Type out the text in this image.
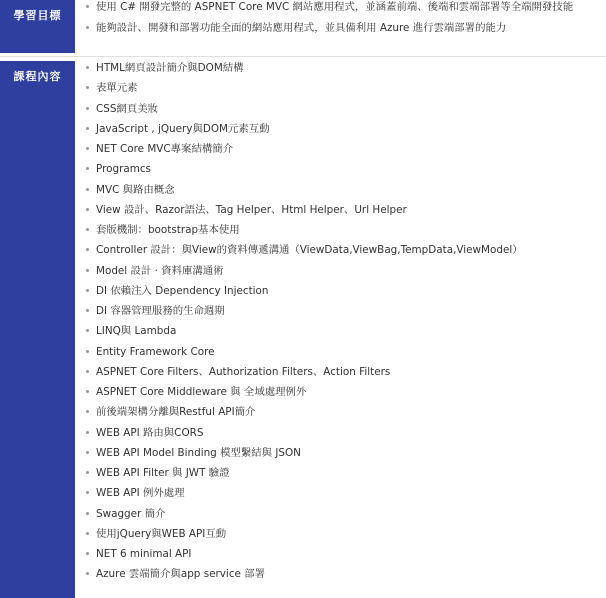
學習目標
使用 C# 開發完整的 ASPNET Core MVC 網站應用程式，並涵蓋前端、後端和雲端部署等全端開發技能
能夠設計、開發和部署功能全面的網站應用程式，並具備利用 Azure 進行雲端部署的能力
課程內容
HTML網頁設計簡介與DOM結構
表單元素
CSS網頁美妝
JavaScript , jQuery與DOM元素互動
NET Core MVC專案結構簡介
Programcs
MVC 與路由概念
View 設計、Razor語法、Tag Helper、Html Helper、Url Helper
套版機制：bootstrap基本使用
Controller 設計：與View的資料傳遞溝通（ViewData,ViewBag,TempData,ViewModel）
Model 設計 · 資料庫溝通術
DI 依賴注入 Dependency Injection
DI 容器管理服務的生命週期
LINQ與 Lambda
Entity Framework Core
ASPNET Core Filters、Authorization Filters、Action Filters
ASPNET Core Middleware 與 全域處理例外
前後端架構分離與Restful API簡介
WEB API 路由與CORS
WEB API Model Binding 模型繫結與 JSON
WEB API Filter 與 JWT 驗證
WEB API 例外處理
Swagger 簡介
使用jQuery與WEB API互動
NET 6 minimal API
Azure 雲端簡介與app service 部署
